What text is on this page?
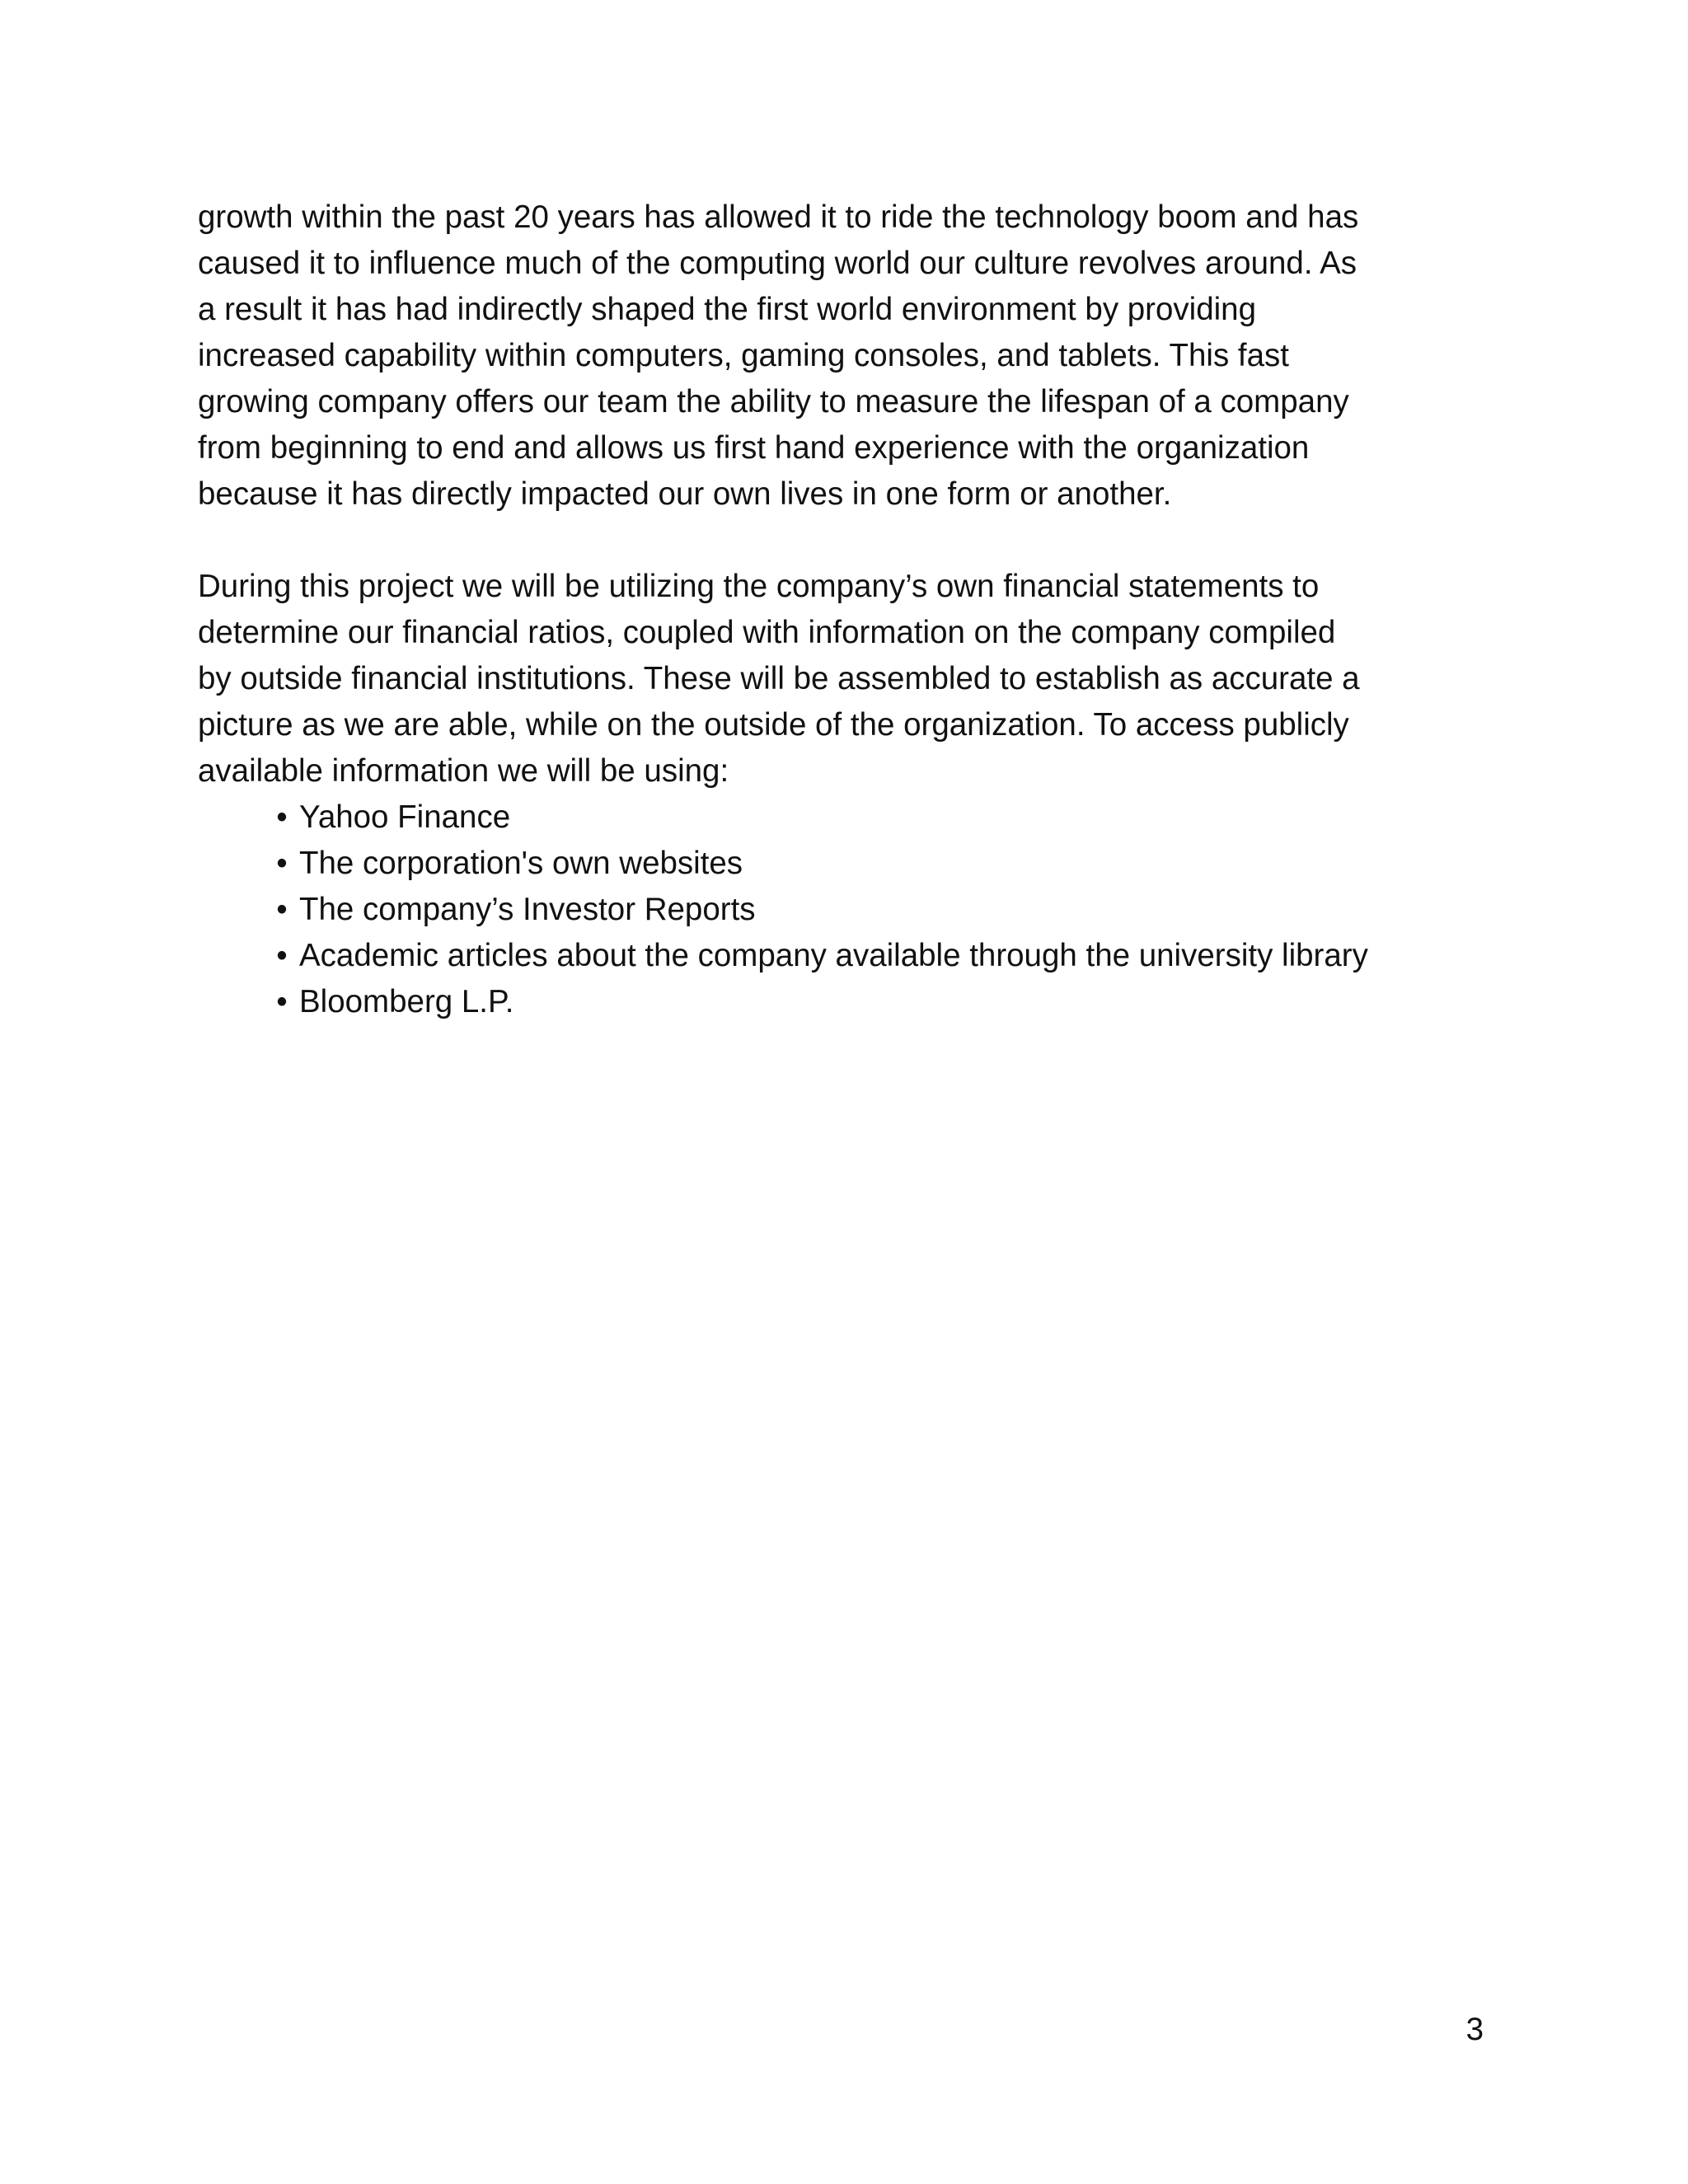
growth within the past 20 years has allowed it to ride the technology boom and has
caused it to influence much of the computing world our culture revolves around. As
a result it has had indirectly shaped the first world environment by providing
increased capability within computers, gaming consoles, and tablets. This fast
growing company offers our team the ability to measure the lifespan of a company
from beginning to end and allows us first hand experience with the organization
because it has directly impacted our own lives in one form or another.
During this project we will be utilizing the company’s own financial statements to
determine our financial ratios, coupled with information on the company compiled
by outside financial institutions. These will be assembled to establish as accurate a
picture as we are able, while on the outside of the organization. To access publicly
available information we will be using:
• Yahoo Finance
• The corporation's own websites
• The company’s Investor Reports
• Academic articles about the company available through the university library
• Bloomberg L.P.
3
